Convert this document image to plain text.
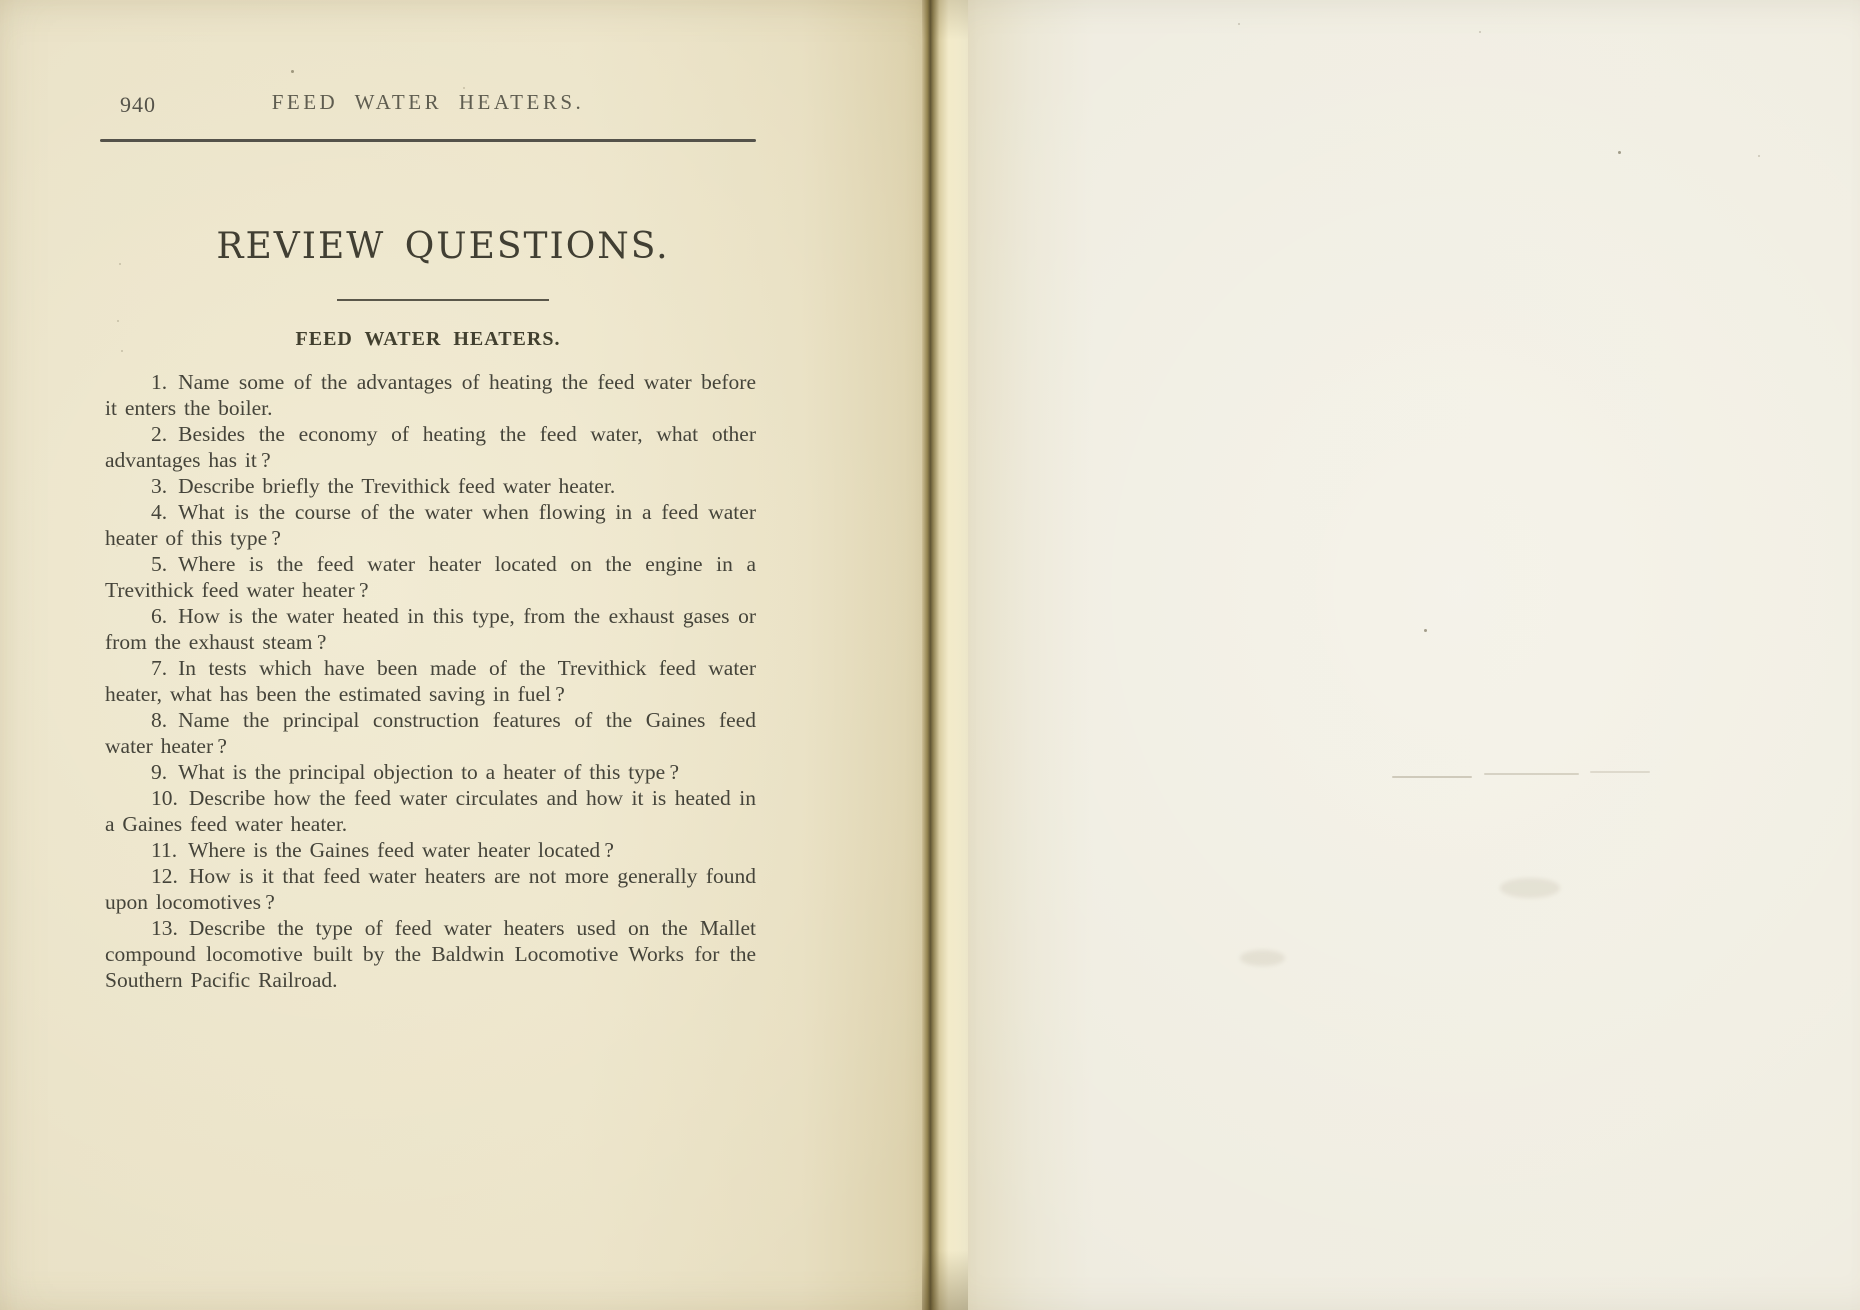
940	FEED WATER HEATERS.
REVIEW QUESTIONS.
FEED WATER HEATERS.

1. Name some of the advantages of heating the feed water before it enters the boiler.

2. Besides the economy of heating the feed water, what other advantages has it ?

3. Describe briefly the Trevithick feed water heater.

4. What is the course of the water when flowing in a feed water heater of this type ?

5. Where is the feed water heater located on the engine in a Trevithick feed water heater ?

6. How is the water heated in this type, from the exhaust gases or from the exhaust steam ?

7. In tests which have been made of the Trevithick feed water heater, what has been the estimated saving in fuel ?

8. Name the principal construction features of the Gaines feed water heater ?

9. What is the principal objection to a heater of this type ?

10. Describe how the feed water circulates and how it is heated in a Gaines feed water heater.

11. Where is the Gaines feed water heater located ?

12. How is it that feed water heaters are not more generally found upon locomotives ?

13. Describe the type of feed water heaters used on the Mallet compound locomotive built by the Baldwin Locomotive Works for the Southern Pacific Railroad.
